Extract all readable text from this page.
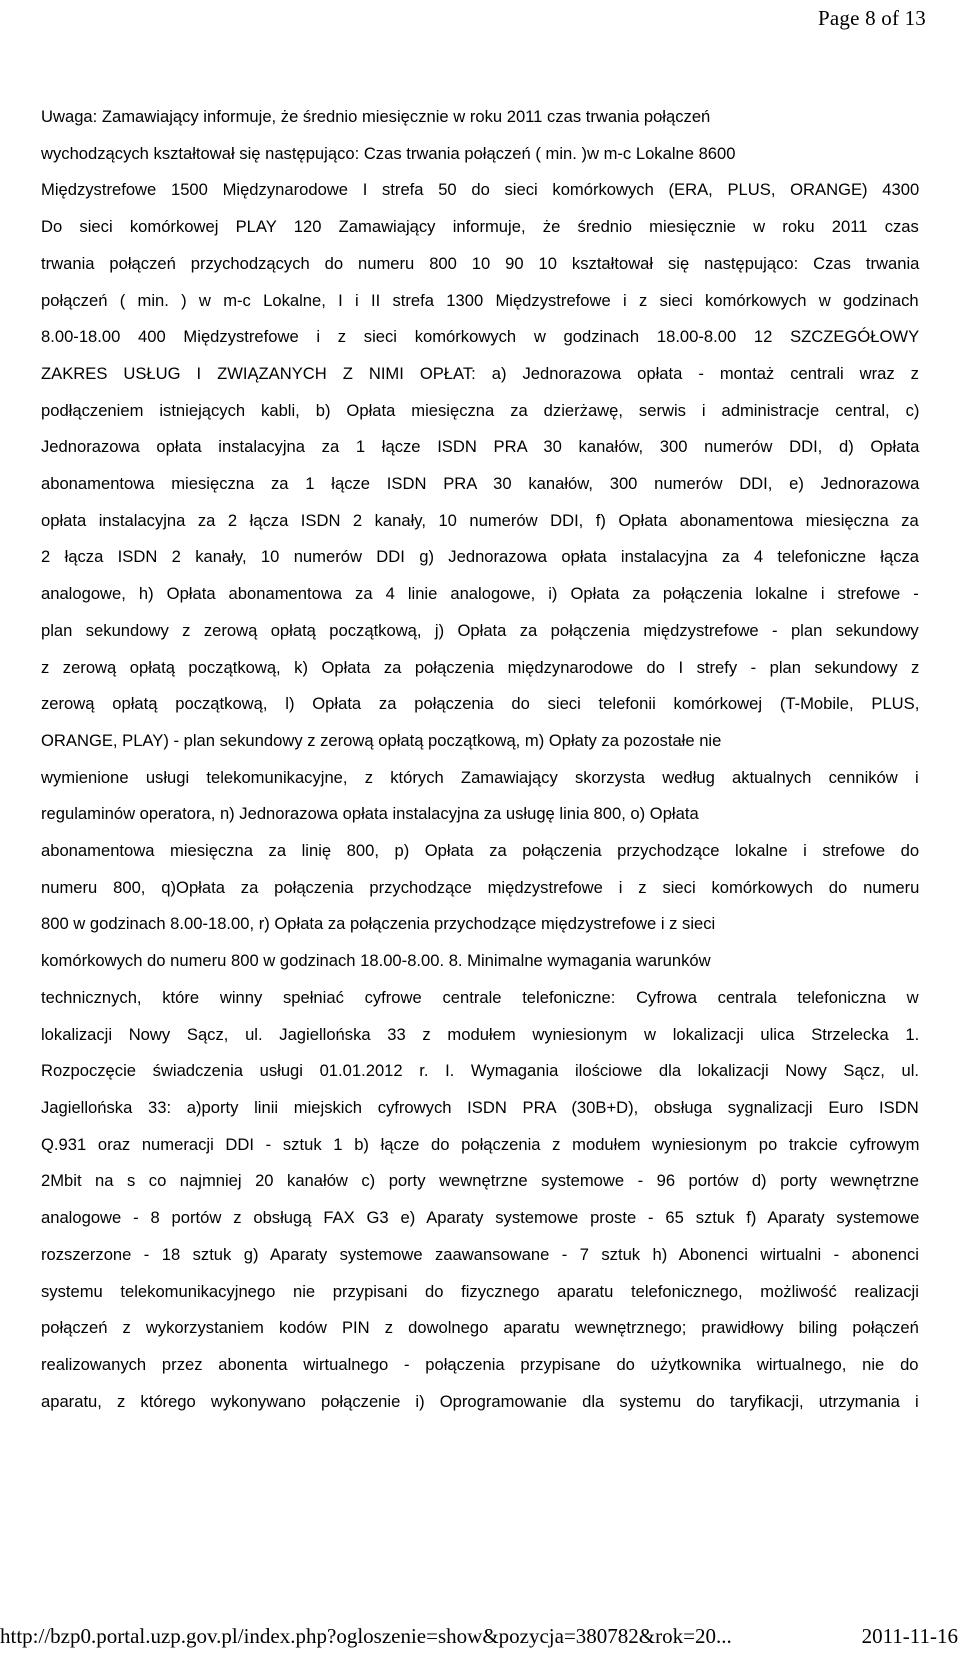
Page 8 of 13
Uwaga: Zamawiający informuje, że średnio miesięcznie w roku 2011 czas trwania połączeń
wychodzących kształtował się następująco: Czas trwania połączeń ( min. )w m-c Lokalne 8600
Międzystrefowe 1500 Międzynarodowe I strefa 50 do sieci komórkowych (ERA, PLUS, ORANGE) 4300
Do sieci komórkowej PLAY 120 Zamawiający informuje, że średnio miesięcznie w roku 2011 czas
trwania połączeń przychodzących do numeru 800 10 90 10 kształtował się następująco: Czas trwania
połączeń ( min. ) w m-c Lokalne, I i II strefa 1300 Międzystrefowe i z sieci komórkowych w godzinach
8.00-18.00 400 Międzystrefowe i z sieci komórkowych w godzinach 18.00-8.00 12 SZCZEGÓŁOWY
ZAKRES USŁUG I ZWIĄZANYCH Z NIMI OPŁAT: a) Jednorazowa opłata - montaż centrali wraz z
podłączeniem istniejących kabli, b) Opłata miesięczna za dzierżawę, serwis i administracje central, c)
Jednorazowa opłata instalacyjna za 1 łącze ISDN PRA 30 kanałów, 300 numerów DDI, d) Opłata
abonamentowa miesięczna za 1 łącze ISDN PRA 30 kanałów, 300 numerów DDI, e) Jednorazowa
opłata instalacyjna za 2 łącza ISDN 2 kanały, 10 numerów DDI, f) Opłata abonamentowa miesięczna za
2 łącza ISDN 2 kanały, 10 numerów DDI g) Jednorazowa opłata instalacyjna za 4 telefoniczne łącza
analogowe, h) Opłata abonamentowa za 4 linie analogowe, i) Opłata za połączenia lokalne i strefowe -
plan sekundowy z zerową opłatą początkową, j) Opłata za połączenia międzystrefowe - plan sekundowy
z zerową opłatą początkową, k) Opłata za połączenia międzynarodowe do I strefy - plan sekundowy z
zerową opłatą początkową, l) Opłata za połączenia do sieci telefonii komórkowej (T-Mobile, PLUS,
ORANGE, PLAY) - plan sekundowy z zerową opłatą początkową, m) Opłaty za pozostałe nie
wymienione usługi telekomunikacyjne, z których Zamawiający skorzysta według aktualnych cenników i
regulaminów operatora, n) Jednorazowa opłata instalacyjna za usługę linia 800, o) Opłata
abonamentowa miesięczna za linię 800, p) Opłata za połączenia przychodzące lokalne i strefowe do
numeru 800, q)Opłata za połączenia przychodzące międzystrefowe i z sieci komórkowych do numeru
800 w godzinach 8.00-18.00, r) Opłata za połączenia przychodzące międzystrefowe i z sieci
komórkowych do numeru 800 w godzinach 18.00-8.00. 8. Minimalne wymagania warunków
technicznych, które winny spełniać cyfrowe centrale telefoniczne: Cyfrowa centrala telefoniczna w
lokalizacji Nowy Sącz, ul. Jagiellońska 33 z modułem wyniesionym w lokalizacji ulica Strzelecka 1.
Rozpoczęcie świadczenia usługi 01.01.2012 r. I. Wymagania ilościowe dla lokalizacji Nowy Sącz, ul.
Jagiellońska 33: a)porty linii miejskich cyfrowych ISDN PRA (30B+D), obsługa sygnalizacji Euro ISDN
Q.931 oraz numeracji DDI - sztuk 1 b) łącze do połączenia z modułem wyniesionym po trakcie cyfrowym
2Mbit na s co najmniej 20 kanałów c) porty wewnętrzne systemowe - 96 portów d) porty wewnętrzne
analogowe - 8 portów z obsługą FAX G3 e) Aparaty systemowe proste - 65 sztuk f) Aparaty systemowe
rozszerzone - 18 sztuk g) Aparaty systemowe zaawansowane - 7 sztuk h) Abonenci wirtualni - abonenci
systemu telekomunikacyjnego nie przypisani do fizycznego aparatu telefonicznego, możliwość realizacji
połączeń z wykorzystaniem kodów PIN z dowolnego aparatu wewnętrznego; prawidłowy biling połączeń
realizowanych przez abonenta wirtualnego - połączenia przypisane do użytkownika wirtualnego, nie do
aparatu, z którego wykonywano połączenie i) Oprogramowanie dla systemu do taryfikacji, utrzymania i
http://bzp0.portal.uzp.gov.pl/index.php?ogloszenie=show&pozycja=380782&rok=20...	2011-11-16
